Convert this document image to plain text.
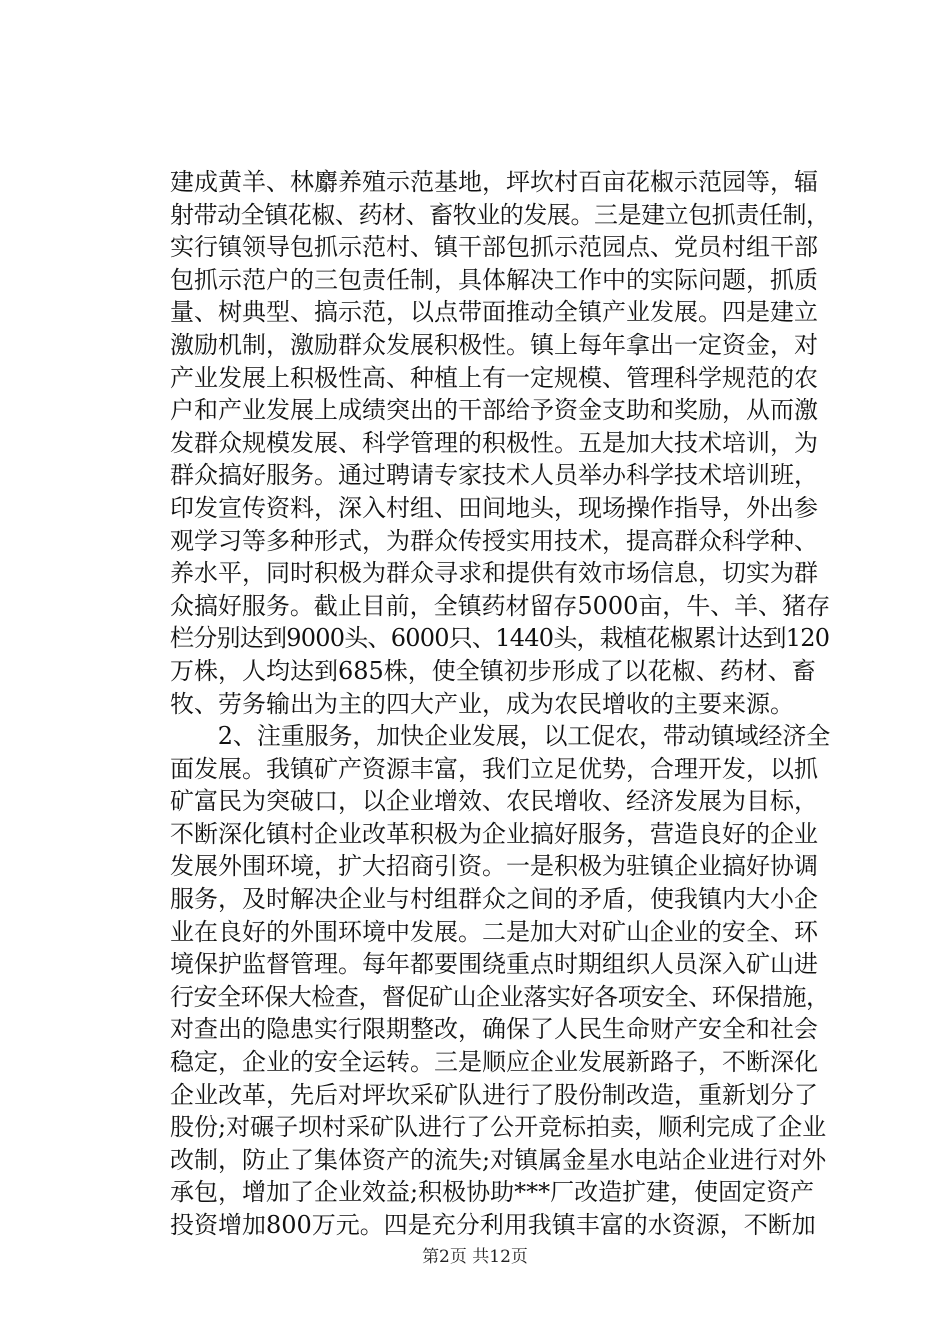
建成黄羊、林麝养殖示范基地，坪坎村百亩花椒示范园等，辐
射带动全镇花椒、药材、畜牧业的发展。三是建立包抓责任制，
实行镇领导包抓示范村、镇干部包抓示范园点、党员村组干部
包抓示范户的三包责任制，具体解决工作中的实际问题，抓质
量、树典型、搞示范，以点带面推动全镇产业发展。四是建立
激励机制，激励群众发展积极性。镇上每年拿出一定资金，对
产业发展上积极性高、种植上有一定规模、管理科学规范的农
户和产业发展上成绩突出的干部给予资金支助和奖励，从而激
发群众规模发展、科学管理的积极性。五是加大技术培训，为
群众搞好服务。通过聘请专家技术人员举办科学技术培训班，
印发宣传资料，深入村组、田间地头，现场操作指导，外出参
观学习等多种形式，为群众传授实用技术，提高群众科学种、
养水平，同时积极为群众寻求和提供有效市场信息，切实为群
众搞好服务。截止目前，全镇药材留存5000亩，牛、羊、猪存
栏分别达到9000头、6000只、1440头，栽植花椒累计达到120
万株，人均达到685株，使全镇初步形成了以花椒、药材、畜
牧、劳务输出为主的四大产业，成为农民增收的主要来源。
　　2、注重服务，加快企业发展，以工促农，带动镇域经济全
面发展。我镇矿产资源丰富，我们立足优势，合理开发，以抓
矿富民为突破口，以企业增效、农民增收、经济发展为目标，
不断深化镇村企业改革积极为企业搞好服务，营造良好的企业
发展外围环境，扩大招商引资。一是积极为驻镇企业搞好协调
服务，及时解决企业与村组群众之间的矛盾，使我镇内大小企
业在良好的外围环境中发展。二是加大对矿山企业的安全、环
境保护监督管理。每年都要围绕重点时期组织人员深入矿山进
行安全环保大检查，督促矿山企业落实好各项安全、环保措施，
对查出的隐患实行限期整改，确保了人民生命财产安全和社会
稳定，企业的安全运转。三是顺应企业发展新路子，不断深化
企业改革，先后对坪坎采矿队进行了股份制改造，重新划分了
股份;对碾子坝村采矿队进行了公开竞标拍卖，顺利完成了企业
改制，防止了集体资产的流失;对镇属金星水电站企业进行对外
承包，增加了企业效益;积极协助***厂改造扩建，使固定资产
投资增加800万元。四是充分利用我镇丰富的水资源，不断加
第2页 共12页
